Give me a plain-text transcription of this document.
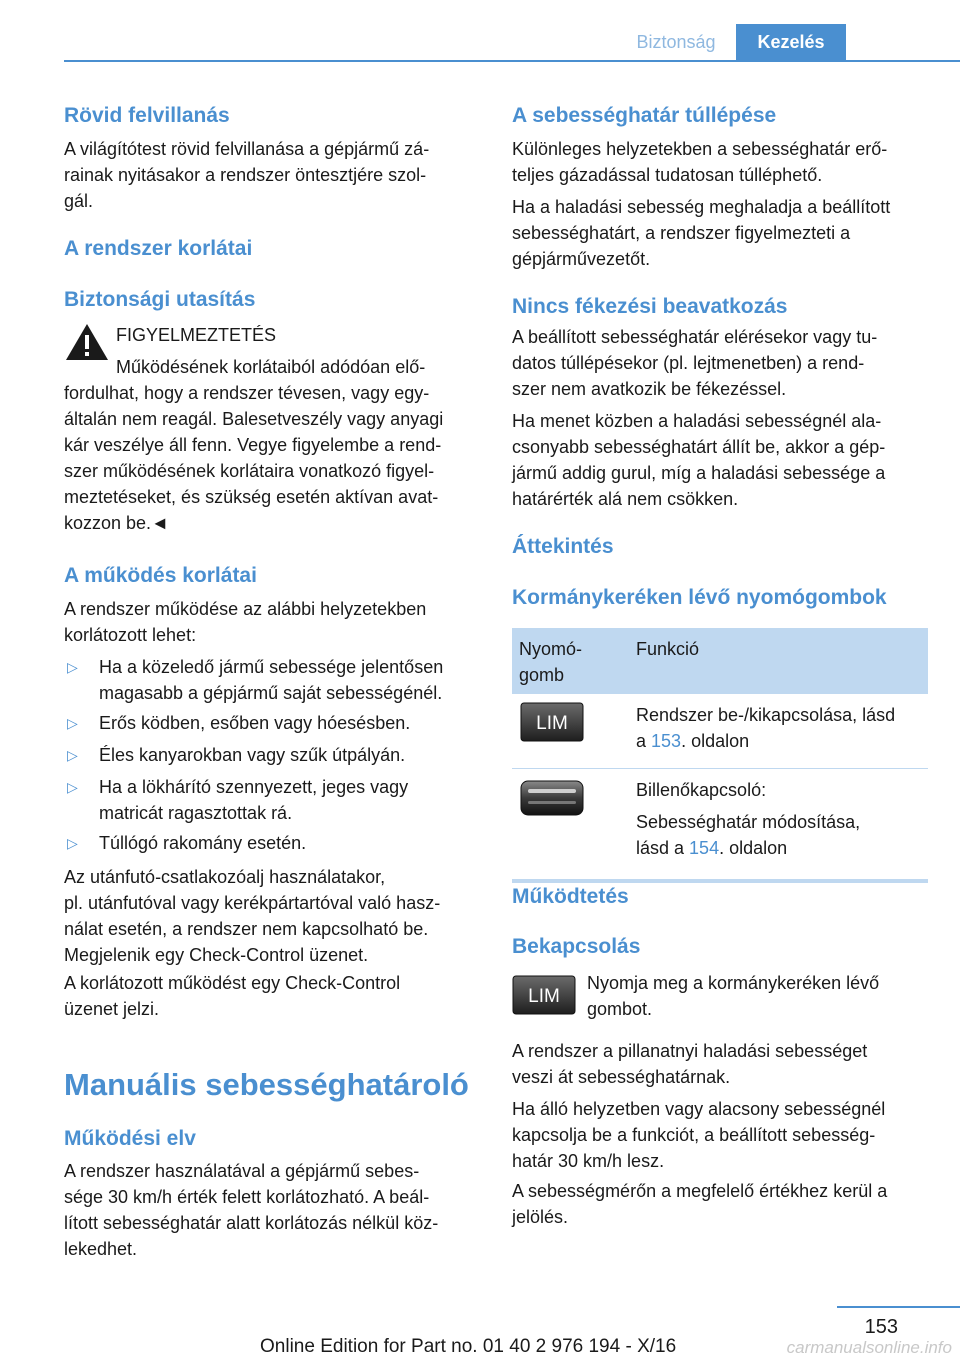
Biztonság	Kezelés
Rövid felvillanás
A világítótest rövid felvillanása a gépjármű zá-
rainak nyitásakor a rendszer öntesztjére szol-
gál.
A rendszer korlátai
Biztonsági utasítás
FIGYELMEZTETÉS
Működésének korlátaiból adódóan elő-
fordulhat, hogy a rendszer tévesen, vagy egy-
általán nem reagál. Balesetveszély vagy anyagi
kár veszélye áll fenn. Vegye figyelembe a rend-
szer működésének korlátaira vonatkozó figyel-
meztetéseket, és szükség esetén aktívan avat-
kozzon be.◄
A működés korlátai
A rendszer működése az alábbi helyzetekben
korlátozott lehet:
▷ Ha a közeledő jármű sebessége jelentősen
magasabb a gépjármű saját sebességénél.
▷ Erős ködben, esőben vagy hóesésben.
▷ Éles kanyarokban vagy szűk útpályán.
▷ Ha a lökhárító szennyezett, jeges vagy
matricát ragasztottak rá.
▷ Túllógó rakomány esetén.
Az utánfutó-csatlakozóalj használatakor,
pl. utánfutóval vagy kerékpártartóval való hasz-
nálat esetén, a rendszer nem kapcsolható be.
Megjelenik egy Check-Control üzenet.
A korlátozott működést egy Check-Control
üzenet jelzi.
Manuális sebességhatároló
Működési elv
A rendszer használatával a gépjármű sebes-
sége 30 km/h érték felett korlátozható. A beál-
lított sebességhatár alatt korlátozás nélkül köz-
lekedhet.
A sebességhatár túllépése
Különleges helyzetekben a sebességhatár erő-
teljes gázadással tudatosan túlléphető.
Ha a haladási sebesség meghaladja a beállított
sebességhatárt, a rendszer figyelmezteti a
gépjárművezetőt.
Nincs fékezési beavatkozás
A beállított sebességhatár elérésekor vagy tu-
datos túllépésekor (pl. lejtmenetben) a rend-
szer nem avatkozik be fékezéssel.
Ha menet közben a haladási sebességnél ala-
csonyabb sebességhatárt állít be, akkor a gép-
jármű addig gurul, míg a haladási sebessége a
határérték alá nem csökken.
Áttekintés
Kormánykeréken lévő nyomógombok
Nyomó-
gomb	Funkció

LIM	Rendszer be-/kikapcsolása, lásd
a 153. oldalon

Billenőkapcsoló:
Sebességhatár módosítása,
lásd a 154. oldalon
Működtetés
Bekapcsolás
LIM
Nyomja meg a kormánykeréken lévő
gombot.
A rendszer a pillanatnyi haladási sebességet
veszi át sebességhatárnak.
Ha álló helyzetben vagy alacsony sebességnél
kapcsolja be a funkciót, a beállított sebesség-
határ 30 km/h lesz.
A sebességmérőn a megfelelő értékhez kerül a
jelölés.
153
Online Edition for Part no. 01 40 2 976 194 - X/16	carmanualsonline.info
